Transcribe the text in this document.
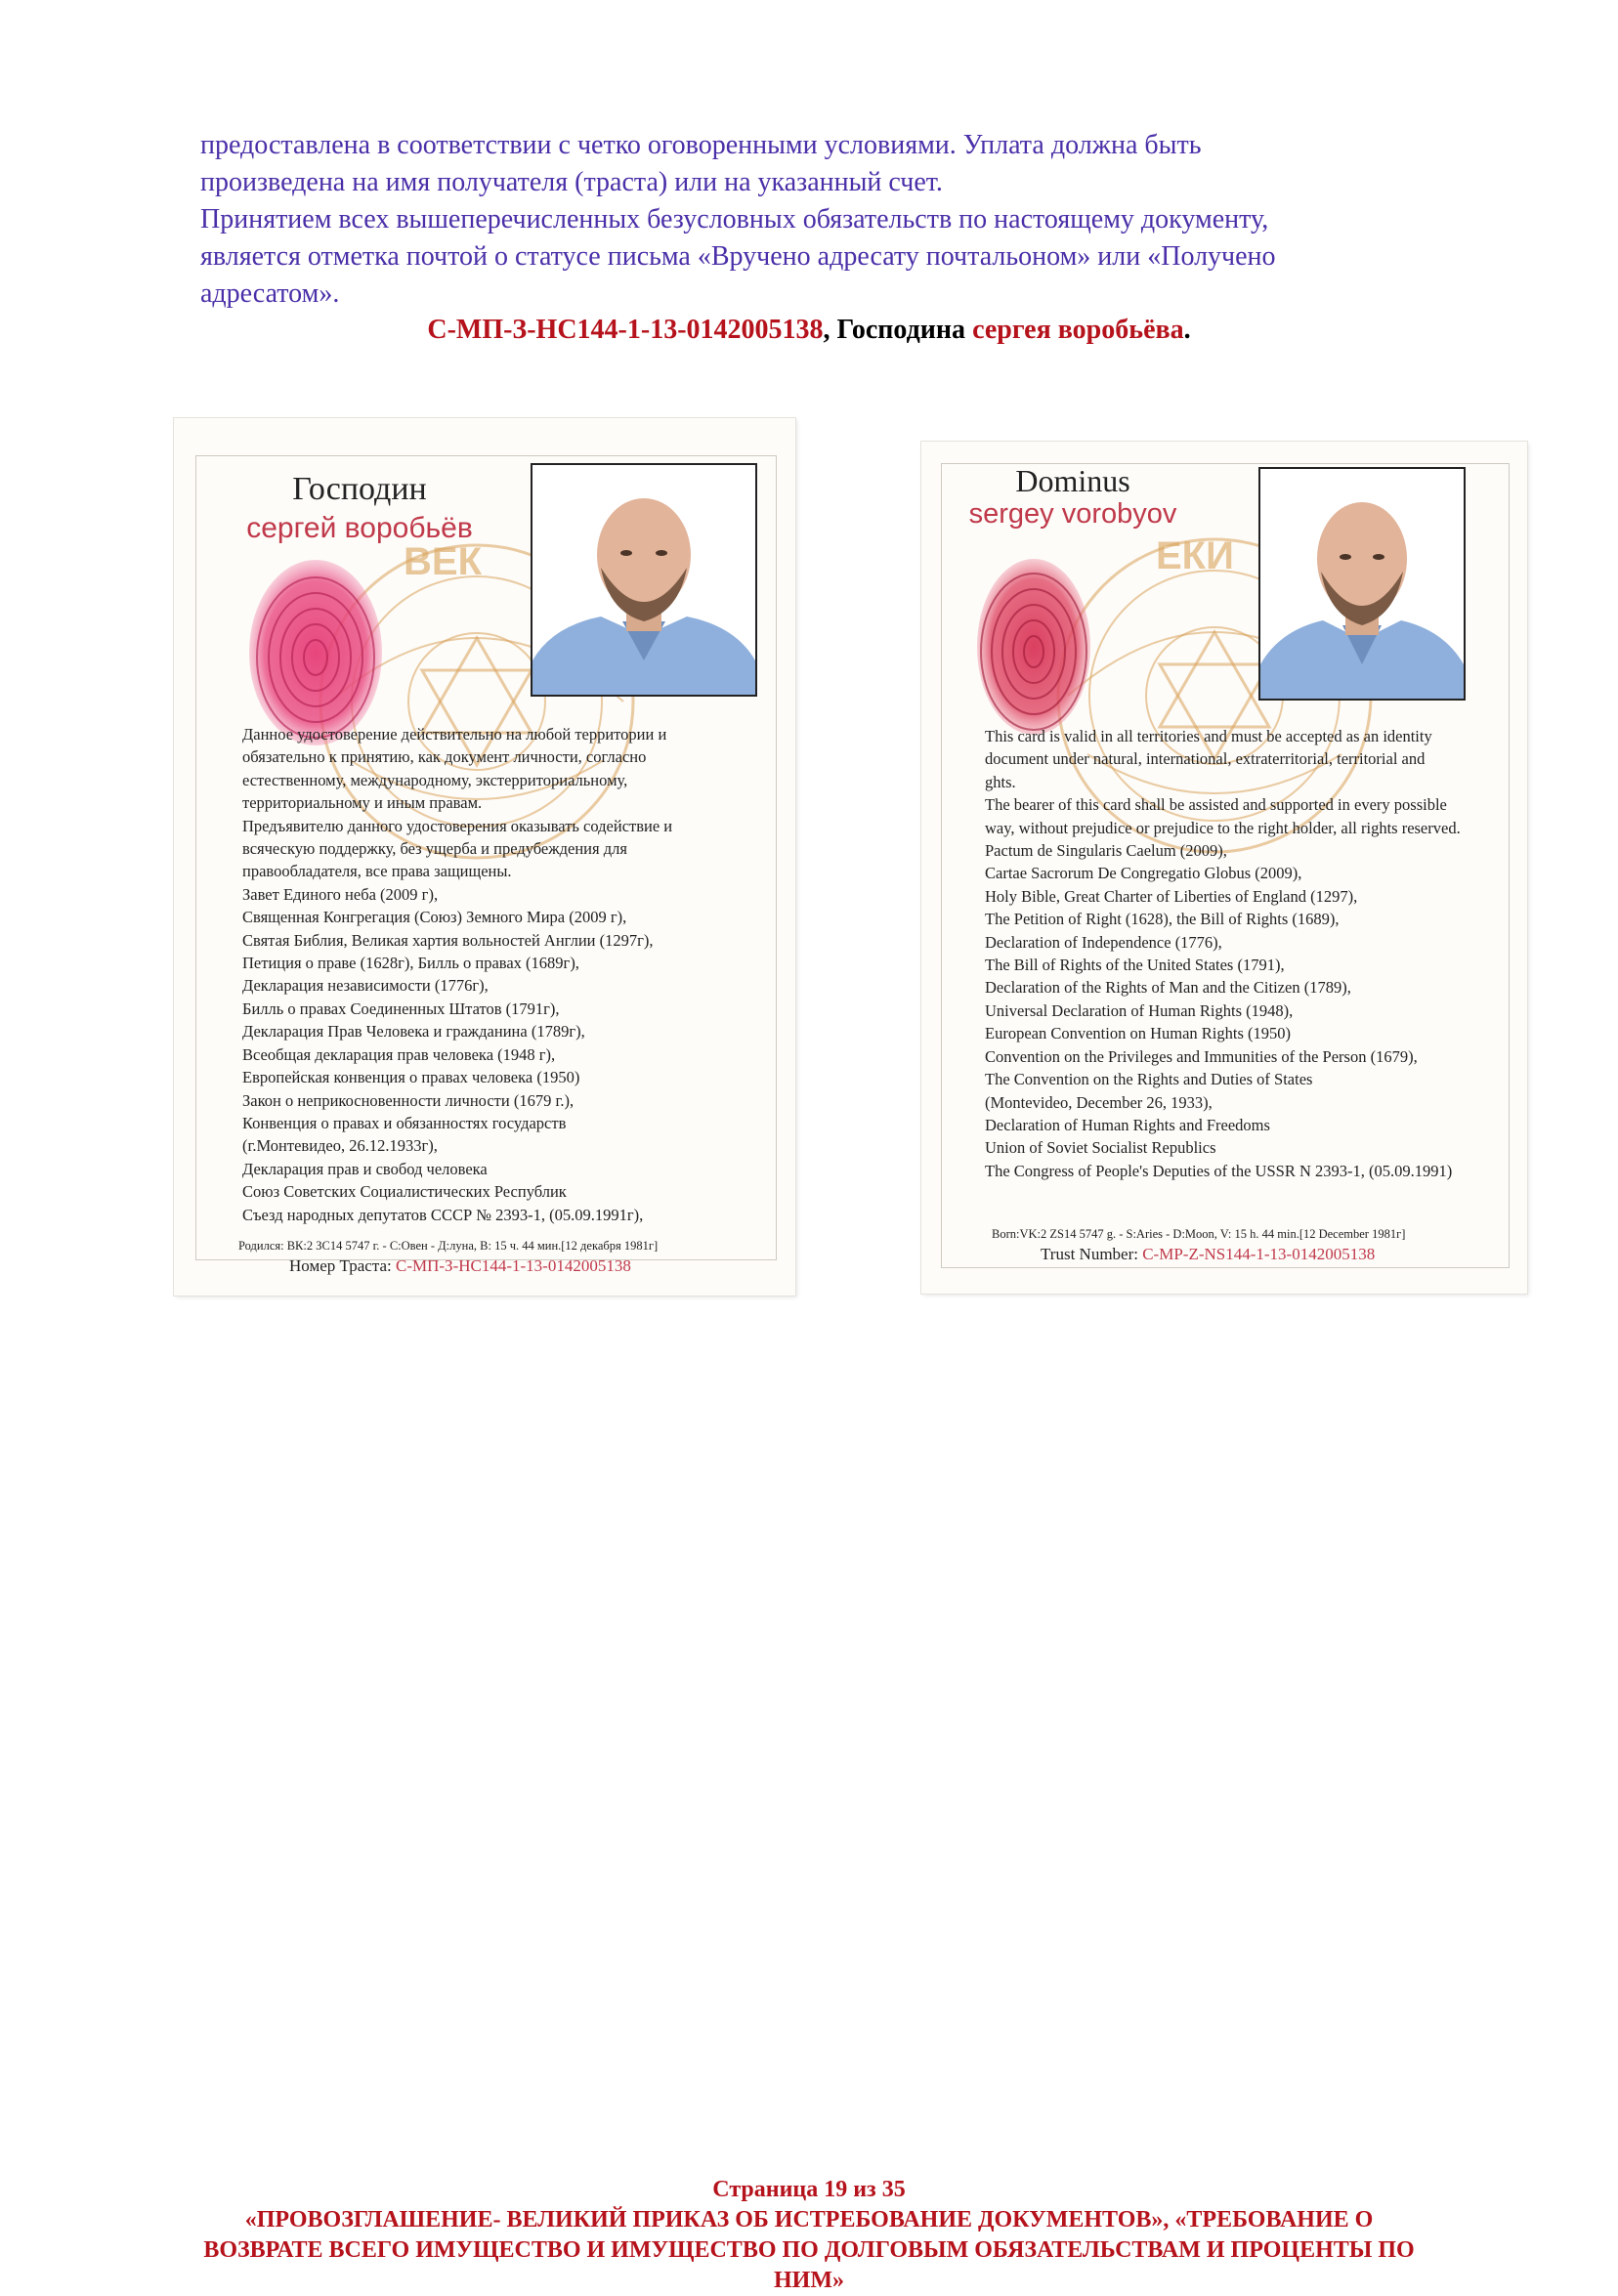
предоставлена в соответствии с четко оговоренными условиями. Уплата должна быть

произведена на имя получателя (траста) или на указанный счет.

Принятием всех вышеперечисленных безусловных обязательств по настоящему документу,

является отметка почтой о статусе письма «Вручено адресату почтальоном» или «Получено

адресатом».

С-МП-З-НС144-1-13-0142005138, Господина сергея воробьёва.
ВЕК
Господин
сергей воробьёв
Данное удостоверение действительно на любой территории и
обязательно к принятию, как документ личности, согласно
естественному, международному, экстерриториальному,
территориальному и иным правам.
Предъявителю данного удостоверения оказывать содействие и
всяческую поддержку, без ущерба и предубеждения для
правообладателя, все права защищены.
Завет Единого неба (2009 г),
Священная Конгрегация (Союз) Земного Мира (2009 г),
Святая Библия, Великая хартия вольностей Англии (1297г),
Петиция о праве (1628г), Билль о правах (1689г),
Декларация независимости (1776г),
Билль о правах Соединенных Штатов (1791г),
Декларация Прав Человека и гражданина (1789г),
Всеобщая декларация прав человека (1948 г),
Европейская конвенция о правах человека (1950)
Закон о неприкосновенности личности (1679 г.),
Конвенция о правах и обязанностях государств
(г.Монтевидео, 26.12.1933г),
Декларация прав и свобод человека
Союз Советских Социалистических Республик
Съезд народных депутатов СССР № 2393-1, (05.09.1991г),
Родился: ВК:2 ЗС14 5747 г. - С:Овен - Д:луна, В: 15 ч. 44 мин.[12 декабря 1981г]
Номер Траста: С-МП-З-НС144-1-13-0142005138
ЕКИ
Dominus
sergey vorobyov
This card is valid in all territories and must be accepted as an identity
document under natural, international, extraterritorial, territorial and
ghts.
The bearer of this card shall be assisted and supported in every possible
way, without prejudice or prejudice to the right holder, all rights reserved.
Pactum de Singularis Caelum (2009),
Cartae Sacrorum De Congregatio Globus (2009),
Holy Bible, Great Charter of Liberties of England (1297),
The Petition of Right (1628), the Bill of Rights (1689),
Declaration of Independence (1776),
The Bill of Rights of the United States (1791),
Declaration of the Rights of Man and the Citizen (1789),
Universal Declaration of Human Rights (1948),
European Convention on Human Rights (1950)
Convention on the Privileges and Immunities of the Person (1679),
The Convention on the Rights and Duties of States
(Montevideo, December 26, 1933),
Declaration of Human Rights and Freedoms
Union of Soviet Socialist Republics
The Congress of People's Deputies of the USSR N 2393-1, (05.09.1991)
Born:VK:2 ZS14 5747 g. - S:Aries - D:Moon, V: 15 h. 44 min.[12 December 1981г]
Trust Number: C-MP-Z-NS144-1-13-0142005138
Страница 19 из 35
«ПРОВОЗГЛАШЕНИЕ- ВЕЛИКИЙ ПРИКАЗ ОБ ИСТРЕБОВАНИЕ ДОКУМЕНТОВ», «ТРЕБОВАНИЕ О
ВОЗВРАТЕ ВСЕГО ИМУЩЕСТВО И ИМУЩЕСТВО ПО ДОЛГОВЫМ ОБЯЗАТЕЛЬСТВАМ И ПРОЦЕНТЫ ПО
НИМ»
